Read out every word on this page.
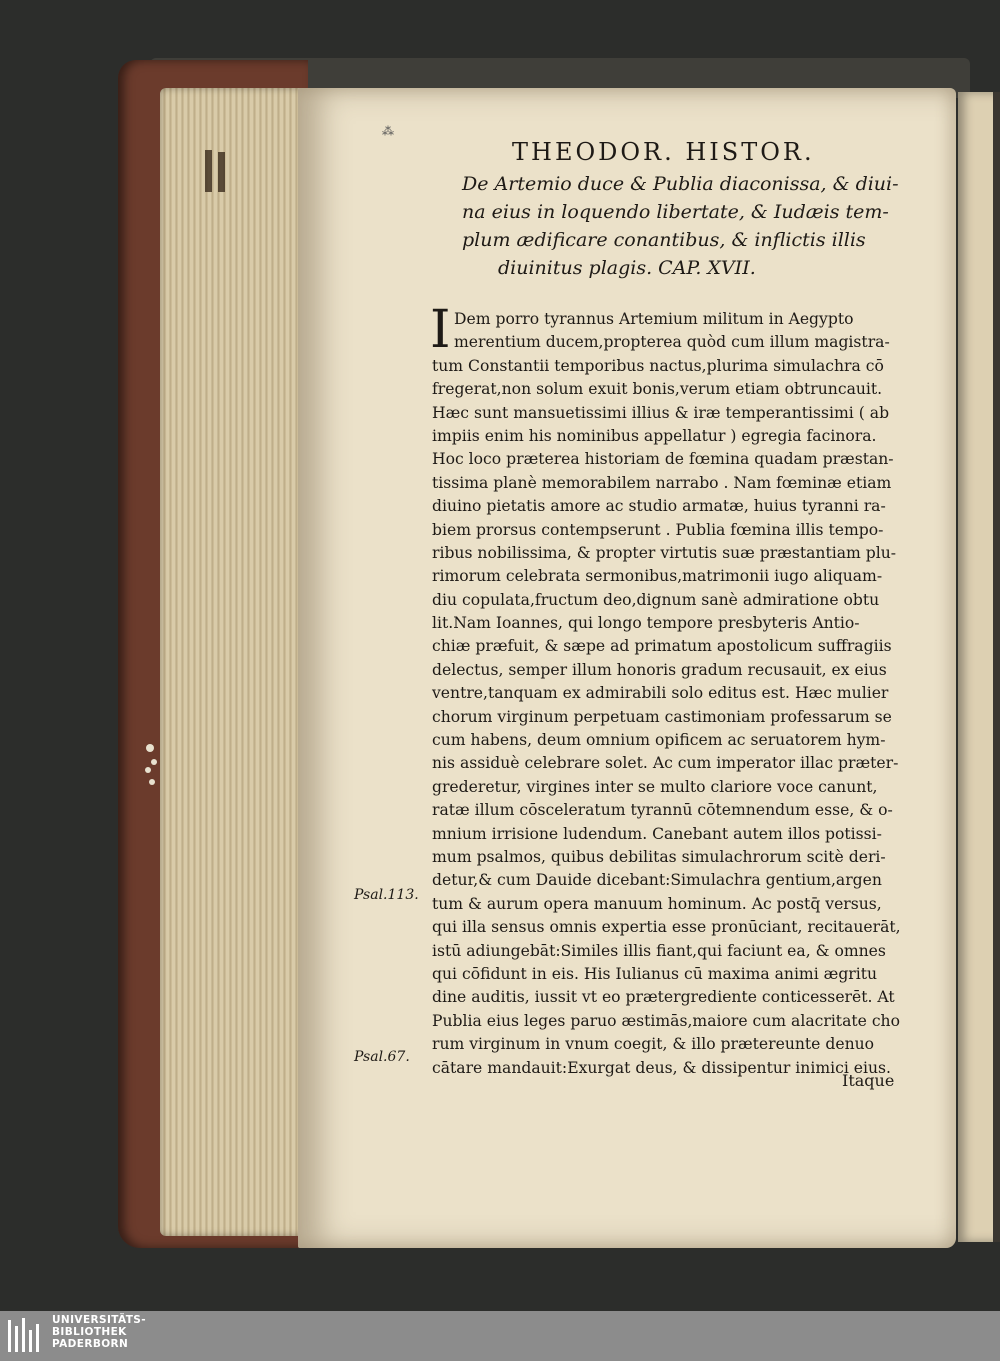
⁂
THEODOR. HISTOR.
De Artemio duce & Publia diaconissa, & diui-
na eius in loquendo libertate, & Iudæis tem-
plum ædificare conantibus, & inflictis illis
diuinitus plagis. CAP. XVII.
I Dem porro tyrannus Artemium militum in Aegypto
merentium ducem,propterea quòd cum illum magistra-
tum Constantii temporibus nactus,plurima simulachra cō
fregerat,non solum exuit bonis,verum etiam obtruncauit.
Hæc sunt mansuetissimi illius & iræ temperantissimi ( ab
impiis enim his nominibus appellatur ) egregia facinora.
Hoc loco præterea historiam de fœmina quadam præstan-
tissima planè memorabilem narrabo . Nam fœminæ etiam
diuino pietatis amore ac studio armatæ, huius tyranni ra-
biem prorsus contempserunt . Publia fœmina illis tempo-
ribus nobilissima, & propter virtutis suæ præstantiam plu-
rimorum celebrata sermonibus,matrimonii iugo aliquam-
diu copulata,fructum deo,dignum sanè admiratione obtu
lit.Nam Ioannes, qui longo tempore presbyteris Antio-
chiæ præfuit, & sæpe ad primatum apostolicum suffragiis
delectus, semper illum honoris gradum recusauit, ex eius
ventre,tanquam ex admirabili solo editus est. Hæc mulier
chorum virginum perpetuam castimoniam professarum se
cum habens, deum omnium opificem ac seruatorem hym-
nis assiduè celebrare solet. Ac cum imperator illac præter-
grederetur, virgines inter se multo clariore voce canunt,
ratæ illum cōsceleratum tyrannū cōtemnendum esse, & o-
mnium irrisione ludendum. Canebant autem illos potissi-
mum psalmos, quibus debilitas simulachrorum scitè deri-
detur,& cum Dauide dicebant:Simulachra gentium,argen
tum & aurum opera manuum hominum. Ac postq̄ versus,
qui illa sensus omnis expertia esse pronūciant, recitauerāt,
istū adiungebāt:Similes illis fiant,qui faciunt ea, & omnes
qui cōfidunt in eis. His Iulianus cū maxima animi ægritu
dine auditis, iussit vt eo prætergrediente conticesserēt. At
Publia eius leges paruo æstimās,maiore cum alacritate cho
rum virginum in vnum coegit, & illo prætereunte denuo
cātare mandauit:Exurgat deus, & dissipentur inimici eius.
Psal.113.
Psal.67.
Itaque
UNIVERSITÄTS-
BIBLIOTHEK
PADERBORN
